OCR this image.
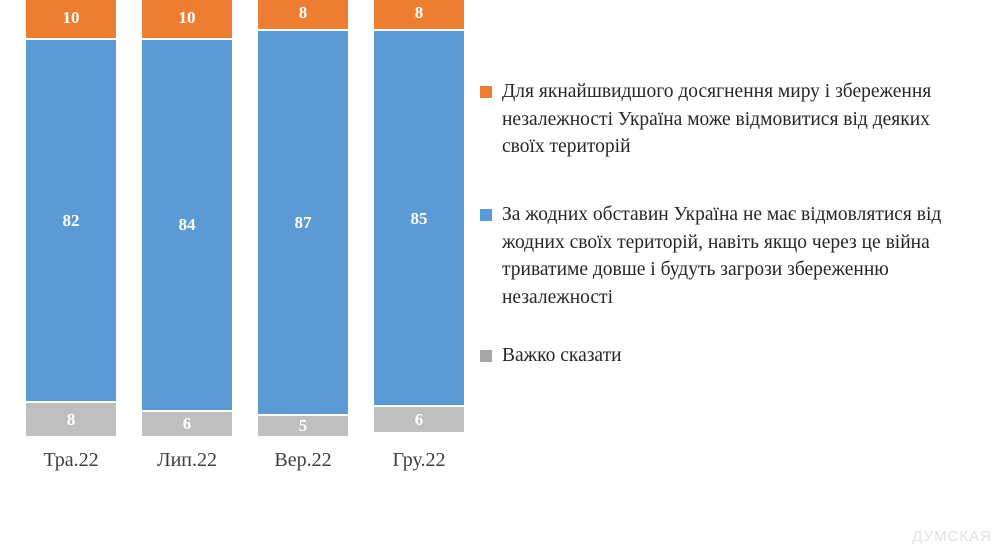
10
82
8
10
84
6
8
87
5
8
85
6
Тра.22	Лип.22	Вер.22	Гру.22
Для якнайшвидшого досягнення миру і збереження незалежності Україна може відмовитися від деяких своїх територій
За жодних обставин Україна не має відмовлятися від жодних своїх територій, навіть якщо через це війна триватиме довше і будуть загрози збереженню незалежності
Важко сказати
ДУМСКАЯ
